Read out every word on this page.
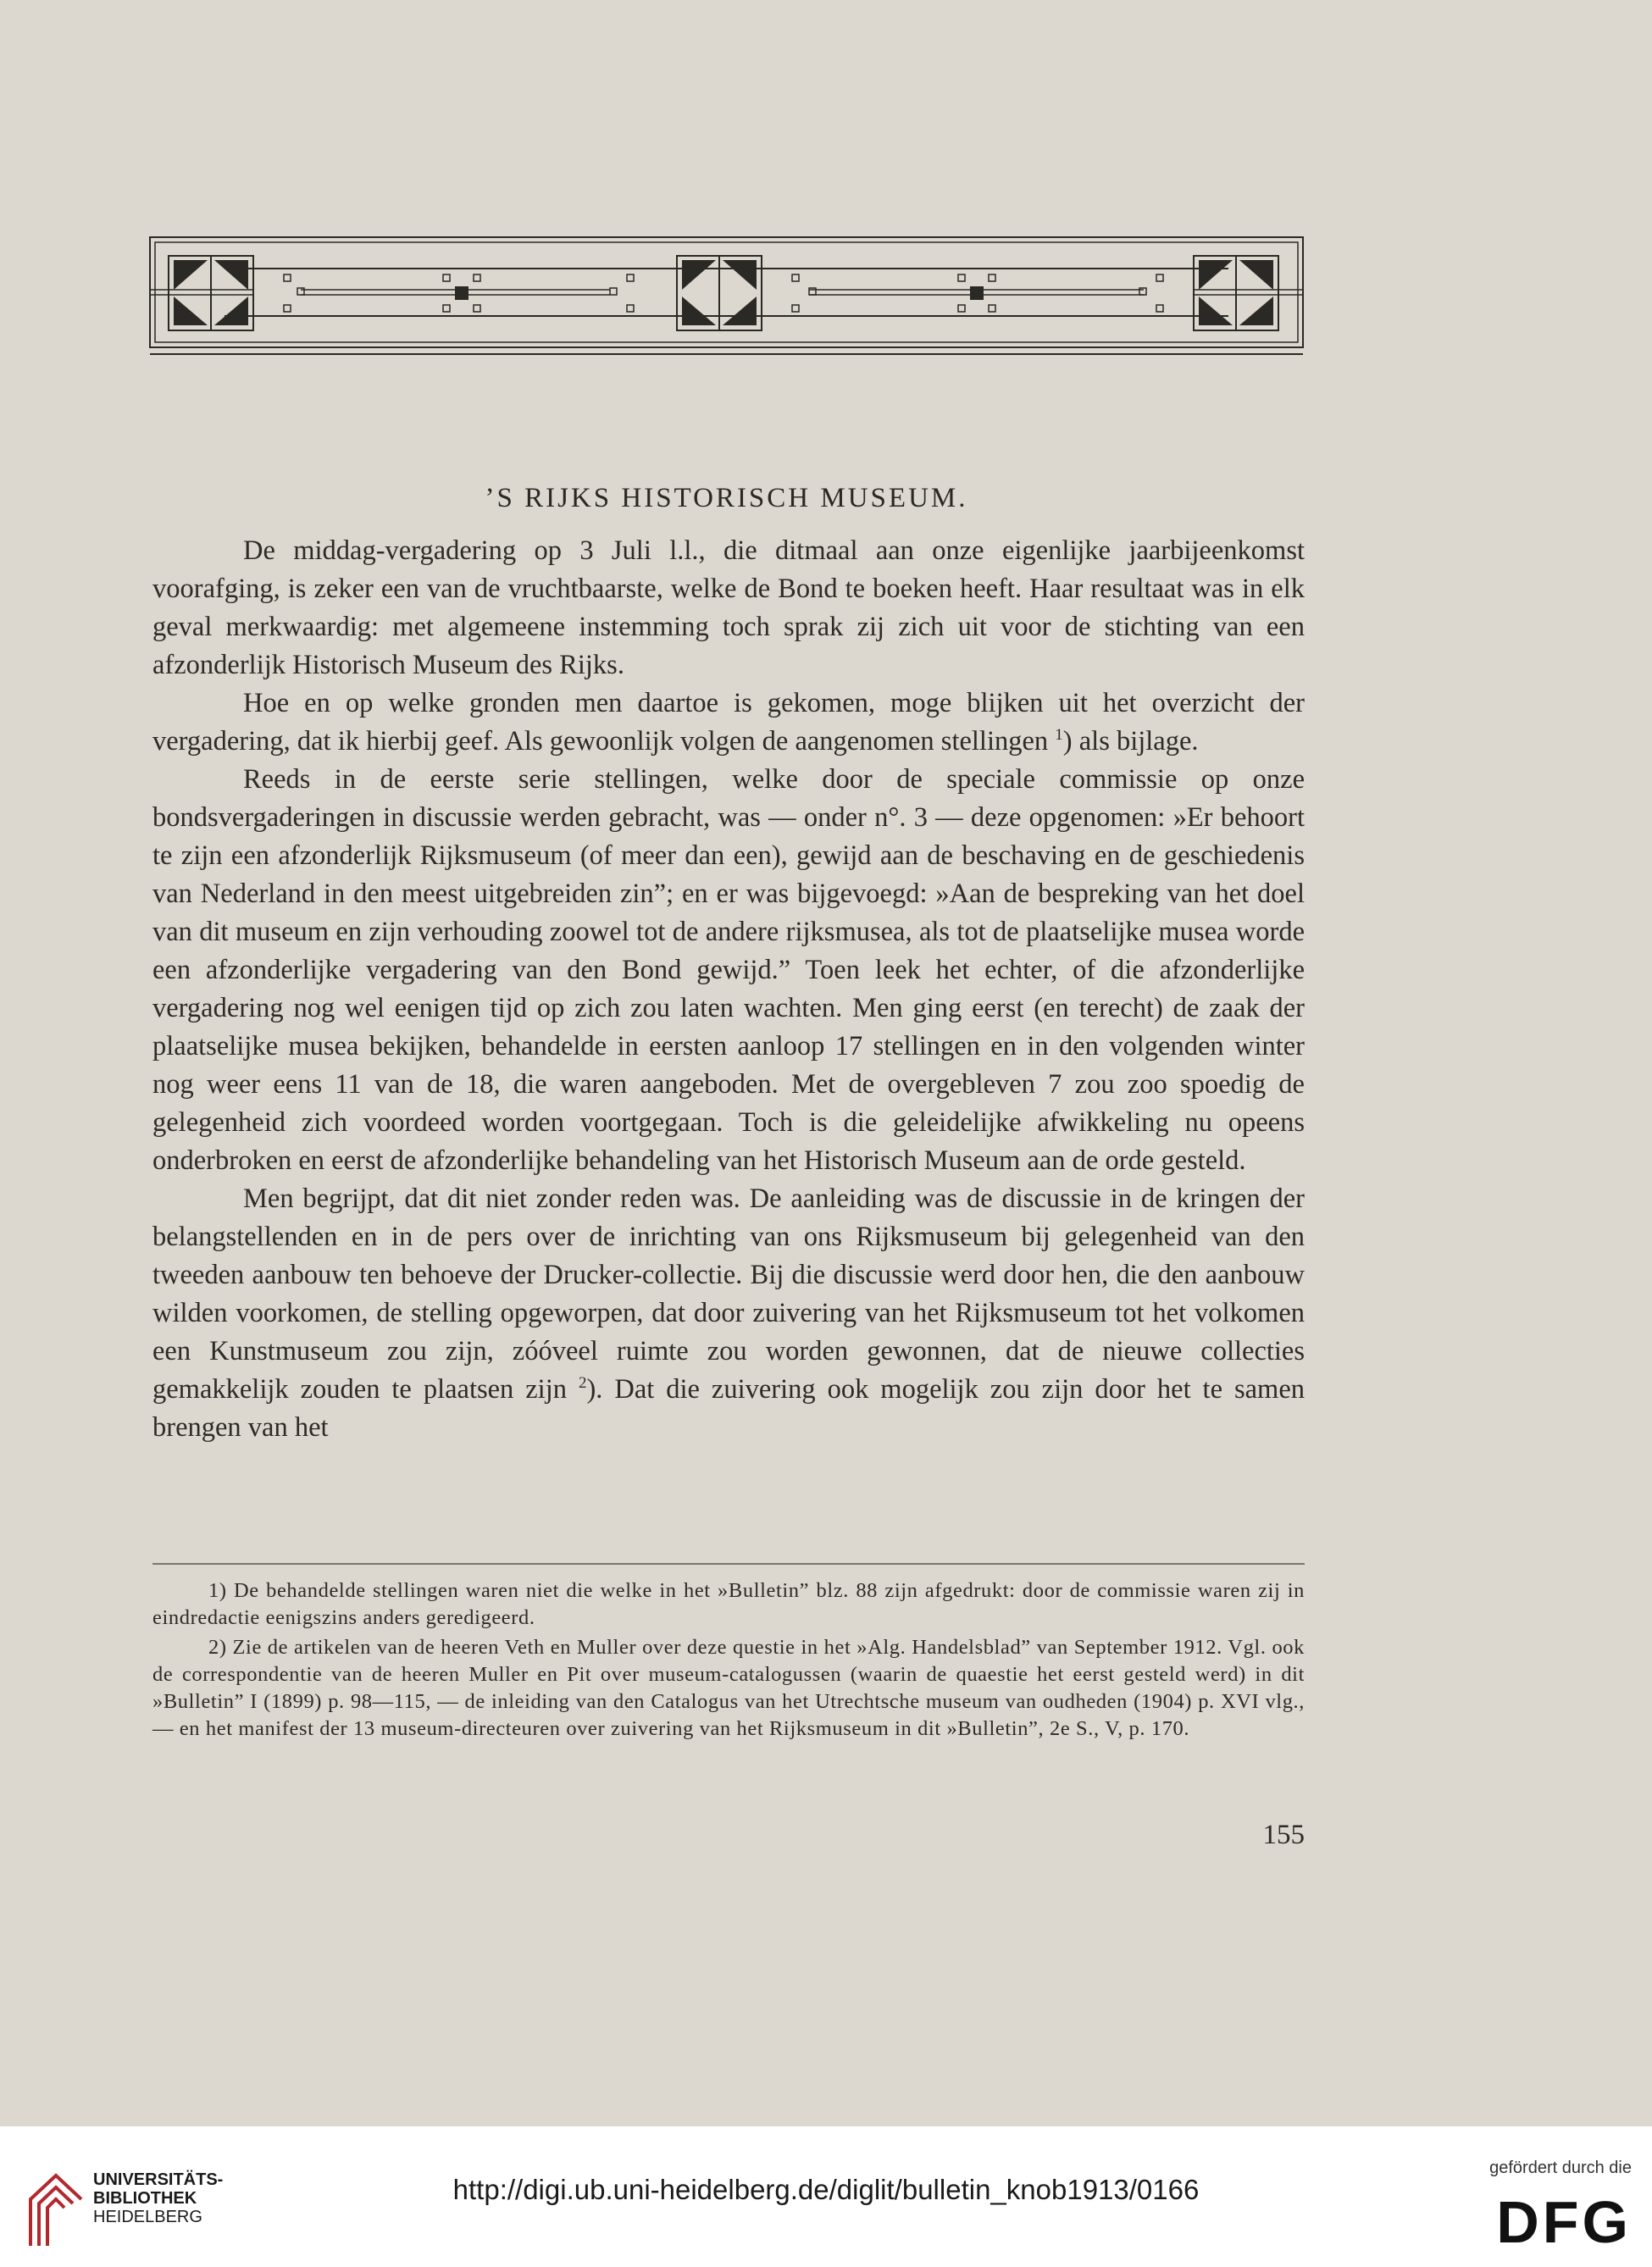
’S RIJKS HISTORISCH MUSEUM.

De middag-vergadering op 3 Juli l.l., die ditmaal aan onze eigenlijke jaarbijeenkomst voorafging, is zeker een van de vruchtbaarste, welke de Bond te boeken heeft. Haar resultaat was in elk geval merkwaardig: met algemeene instemming toch sprak zij zich uit voor de stichting van een afzonderlijk Historisch Museum des Rijks.

Hoe en op welke gronden men daartoe is gekomen, moge blijken uit het overzicht der vergadering, dat ik hierbij geef. Als gewoonlijk volgen de aangenomen stellingen $^1$) als bijlage.

Reeds in de eerste serie stellingen, welke door de speciale commissie op onze bondsvergaderingen in discussie werden gebracht, was — onder n°. 3 — deze opgenomen: »Er behoort te zijn een afzonderlijk Rijksmuseum (of meer dan een), gewijd aan de beschaving en de geschiedenis van Nederland in den meest uitgebreiden zin”; en er was bijgevoegd: »Aan de bespreking van het doel van dit museum en zijn verhouding zoowel tot de andere rijksmusea, als tot de plaatselijke musea worde een afzonderlijke vergadering van den Bond gewijd.” Toen leek het echter, of die afzonderlijke vergadering nog wel eenigen tijd op zich zou laten wachten. Men ging eerst (en terecht) de zaak der plaatselijke musea bekijken, behandelde in eersten aanloop 17 stellingen en in den volgenden winter nog weer eens 11 van de 18, die waren aangeboden. Met de overgebleven 7 zou zoo spoedig de gelegenheid zich voordeed worden voortgegaan. Toch is die geleidelijke afwikkeling nu opeens onderbroken en eerst de afzonderlijke behandeling van het Historisch Museum aan de orde gesteld.

Men begrijpt, dat dit niet zonder reden was. De aanleiding was de discussie in de kringen der belangstellenden en in de pers over de inrichting van ons Rijksmuseum bij gelegenheid van den tweeden aanbouw ten behoeve der Drucker-collectie. Bij die discussie werd door hen, die den aanbouw wilden voorkomen, de stelling opgeworpen, dat door zuivering van het Rijksmuseum tot het volkomen een Kunstmuseum zou zijn, zóóveel ruimte zou worden gewonnen, dat de nieuwe collecties gemakkelijk zouden te plaatsen zijn $^2$). Dat die zuivering ook mogelijk zou zijn door het te samen brengen van het

1) De behandelde stellingen waren niet die welke in het »Bulletin” blz. 88 zijn afgedrukt: door de commissie waren zij in eindredactie eenigszins anders geredigeerd.

2) Zie de artikelen van de heeren Veth en Muller over deze questie in het »Alg. Handelsblad” van September 1912. Vgl. ook de correspondentie van de heeren Muller en Pit over museum-catalogussen (waarin de quaestie het eerst gesteld werd) in dit »Bulletin” I (1899) p. 98—115, — de inleiding van den Catalogus van het Utrechtsche museum van oudheden (1904) p. XVI vlg., — en het manifest der 13 museum-directeuren over zuivering van het Rijksmuseum in dit »Bulletin”, 2e S., V, p. 170.

155
UNIVERSITÄTS-
BIBLIOTHEK
HEIDELBERG
http://digi.ub.uni-heidelberg.de/diglit/bulletin_knob1913/0166
gefördert durch die
DFG
